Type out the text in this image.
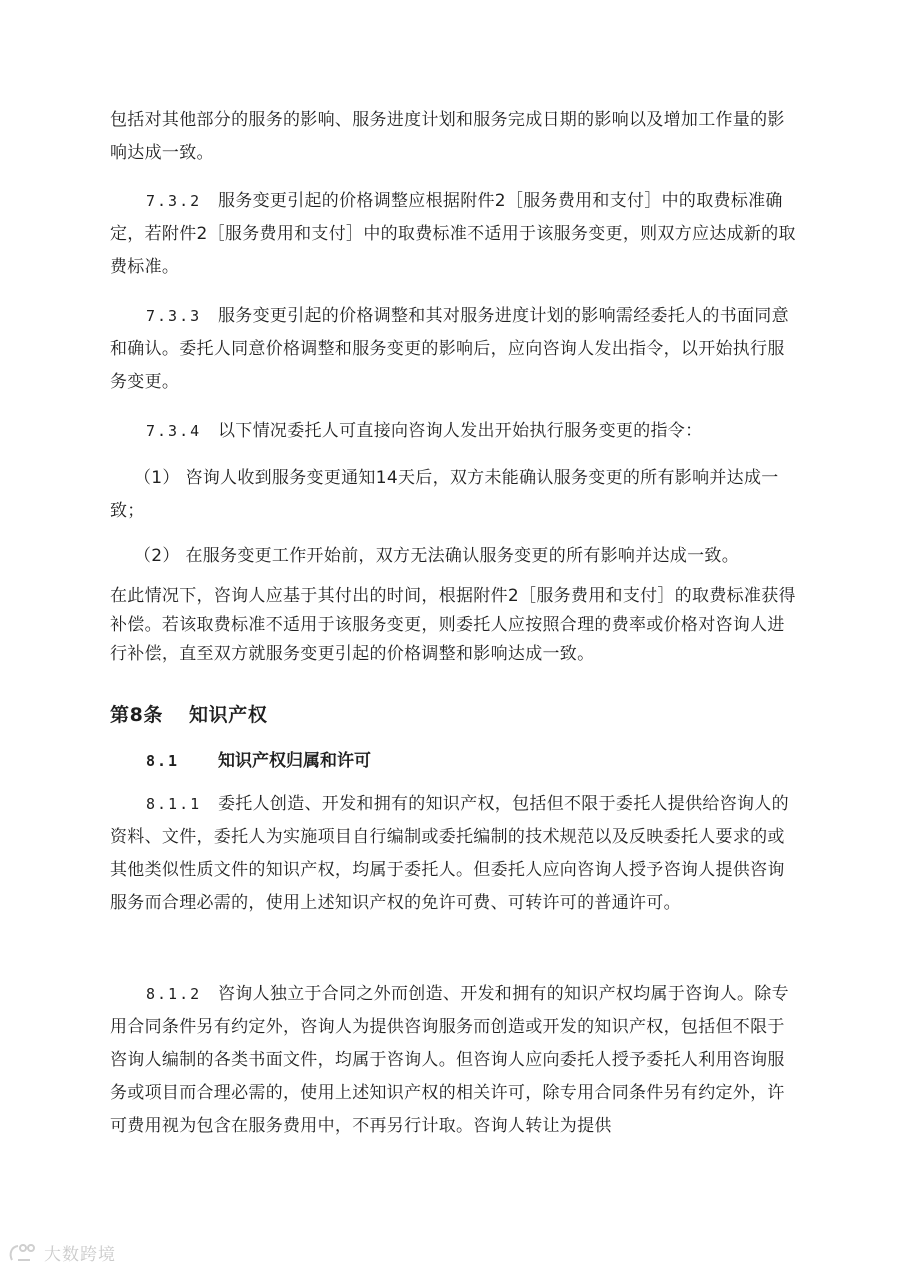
包括对其他部分的服务的影响、服务进度计划和服务完成日期的影响以及增加工作量的影响达成一致。

7.3.2 服务变更引起的价格调整应根据附件2［服务费用和支付］中的取费标准确定，若附件2［服务费用和支付］中的取费标准不适用于该服务变更，则双方应达成新的取费标准。

7.3.3 服务变更引起的价格调整和其对服务进度计划的影响需经委托人的书面同意和确认。委托人同意价格调整和服务变更的影响后，应向咨询人发出指令，以开始执行服务变更。

7.3.4 以下情况委托人可直接向咨询人发出开始执行服务变更的指令：

（1） 咨询人收到服务变更通知14天后，双方未能确认服务变更的所有影响并达成一致；

（2） 在服务变更工作开始前，双方无法确认服务变更的所有影响并达成一致。

在此情况下，咨询人应基于其付出的时间，根据附件2［服务费用和支付］的取费标准获得补偿。若该取费标准不适用于该服务变更，则委托人应按照合理的费率或价格对咨询人进行补偿，直至双方就服务变更引起的价格调整和影响达成一致。

第8条 知识产权
8.1 知识产权归属和许可

8.1.1 委托人创造、开发和拥有的知识产权，包括但不限于委托人提供给咨询人的资料、文件，委托人为实施项目自行编制或委托编制的技术规范以及反映委托人要求的或其他类似性质文件的知识产权，均属于委托人。但委托人应向咨询人授予咨询人提供咨询服务而合理必需的，使用上述知识产权的免许可费、可转许可的普通许可。

8.1.2 咨询人独立于合同之外而创造、开发和拥有的知识产权均属于咨询人。除专用合同条件另有约定外，咨询人为提供咨询服务而创造或开发的知识产权，包括但不限于咨询人编制的各类书面文件，均属于咨询人。但咨询人应向委托人授予委托人利用咨询服务或项目而合理必需的，使用上述知识产权的相关许可，除专用合同条件另有约定外，许可费用视为包含在服务费用中，不再另行计取。咨询人转让为提供

大数跨境
